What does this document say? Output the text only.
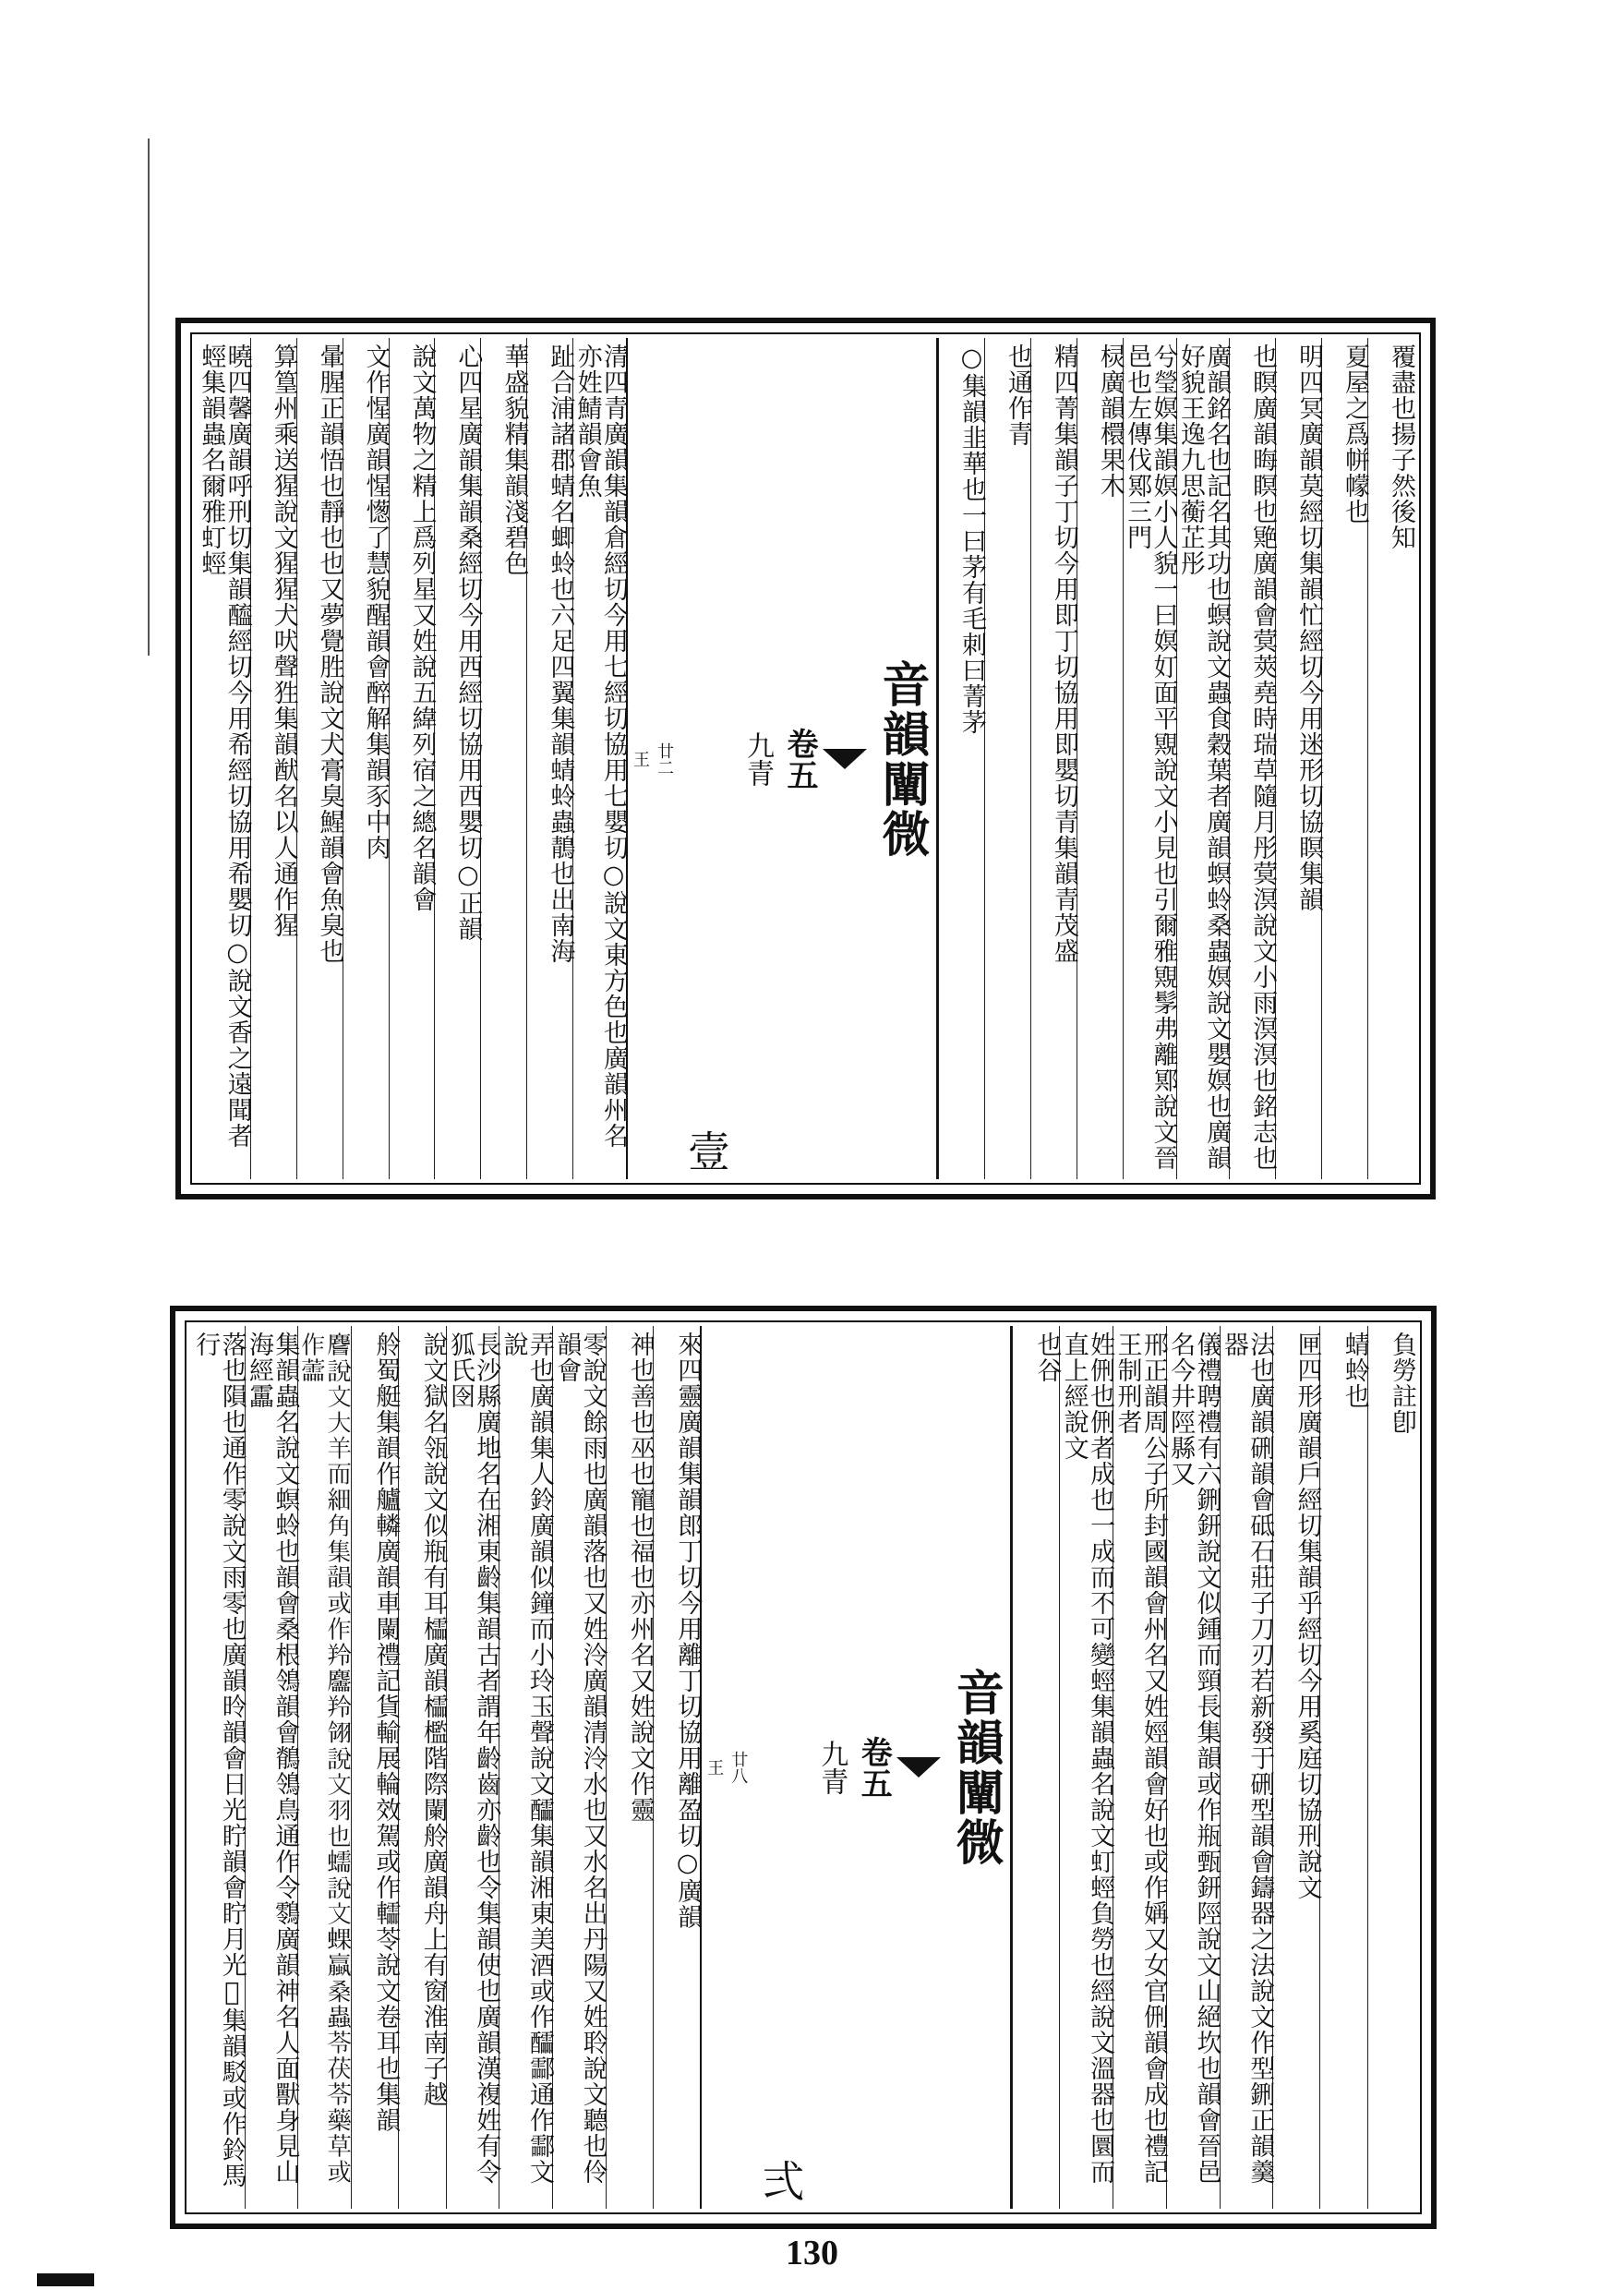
覆盡也揚子然後知
夏屋之爲帡幪也
明四冥廣韻莫經切集韻忙經切今用迷形切協瞑集韻
也瞑廣韻晦瞑也䒌廣韻會蓂莢堯時瑞草隨月彤蓂溟說文小雨溟溟也銘志也
廣韻銘名也記名其功也螟說文蟲食穀葉者廣韻螟蛉桑蟲嫇說文嬰嫇也廣韻好貌王逸九思蘅芷彤
兮瑩嫇集韻嫇小人貌一曰嫇奵面平覭說文小見也引爾雅覭髳弗離鄍說文晉邑也左傳伐鄍三門
棂廣韻檈果木
精四菁集韻子丁切今用即丁切協用即嬰切青集韻青茂盛
也通作青
○集韻韭華也一曰茅有毛刺曰菁茅
音韻闡微
卷五
九青
壹
廿二
王
清四青廣韻集韻倉經切今用七經切協用七嬰切○說文東方色也廣韻州名亦姓鯖韻會魚
趾合浦諸郡蜻名蝍蛉也六足四翼集韻蜻蛉蟲鶄也出南海
華盛貌精集韻淺碧色
心四星廣韻集韻桑經切今用西經切協用西嬰切○正韻
說文萬物之精上爲列星又姓說五緯列宿之總名韻會
文作惺廣韻惺憽了慧貌醒韻會醉解集韻豕中肉
暈腥正韻悟也靜也也又夢覺胜說文犬膏臭鯹韻會魚臭也
算篁州乘送猩說文猩猩犬吠聲狌集韻猷名以人通作猩
曉四馨廣韻呼刑切集韻醯經切今用希經切協用希嬰切○說文香之遠聞者蛵集韻蟲名爾雅虰蛵
負勞註卽
蜻蛉也
匣四形廣韻戶經切集韻乎經切今用奚庭切協刑說文
法也廣韻硎韻會砥石莊子刀刃若新發于硎型韻會鑄器之法說文作型鉶正韻羹器
儀禮聘禮有六鉶鈃說文似鍾而頸長集韻或作瓶甄鈃陘說文山絕坎也韻會晉邑名今井陘縣又
邢正韻周公子所封國韻會州名又姓娙韻會好也或作㛵又女官侀韻會成也禮記王制刑者
姓侀也侀者成也一成而不可變蛵集韻蟲名說文虰蛵負勞也經說文溫器也圜而直上經說文
也谷
音韻闡微
卷五
九青
弍
廿八
王
來四靈廣韻集韻郎丁切今用離丁切協用離盈切○廣韻
神也善也巫也寵也福也亦州名又姓說文作靈
零說文餘雨也廣韻落也又姓泠廣韻清泠水也又水名出丹陽又姓聆說文聽也伶韻會
弄也廣韻集人鈴廣韻似鐘而小玲玉聲說文醽集韻湘東美酒或作醽酃通作酃文說
長沙縣廣地名在湘東齡集韻古者謂年齡齒亦齡也令集韻使也廣韻漢複姓有令狐氏囹
說文獄名瓴說文似瓶有耳櫺廣韻櫺檻階際闌舲廣韻舟上有窗淮南子越
舲蜀艇集韻作艫轔廣韻車闌禮記貨輸展輪效駕或作䡼苓說文卷耳也集韻
𪊨說文大羊而細角集韻或作羚麢羚翎說文羽也蠕說文蜾蠃桑蟲苓茯苓藥草或作蘦
集韻蟲名說文螟蛉也韻會桑根鴒韻會鶺鴒鳥通作令䴇廣韻神名人面獸身見山海經靁
落也隕也通作零說文雨零也廣韻昤韻會日光眝韻會眝月光𩦩集韻駁或作鈴馬行
130
